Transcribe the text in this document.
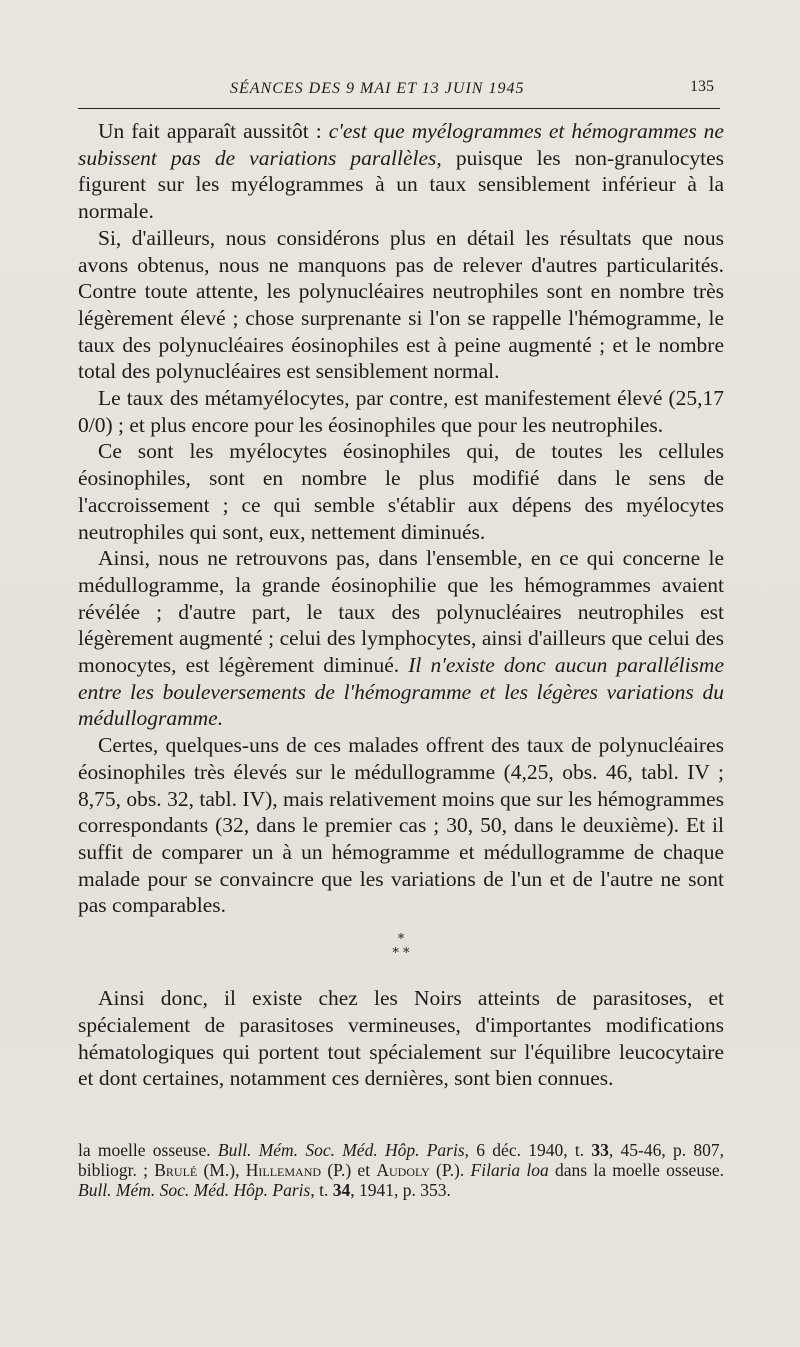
SÉANCES DES 9 MAI ET 13 JUIN 1945	135

Un fait apparaît aussitôt : c'est que myélogrammes et hémogrammes ne subissent pas de variations parallèles, puisque les non-granulocytes figurent sur les myélogrammes à un taux sensiblement inférieur à la normale.

Si, d'ailleurs, nous considérons plus en détail les résultats que nous avons obtenus, nous ne manquons pas de relever d'autres particularités. Contre toute attente, les polynucléaires neutrophiles sont en nombre très légèrement élevé ; chose surprenante si l'on se rappelle l'hémogramme, le taux des polynucléaires éosinophiles est à peine augmenté ; et le nombre total des polynucléaires est sensiblement normal.

Le taux des métamyélocytes, par contre, est manifestement élevé (25,17 0/0) ; et plus encore pour les éosinophiles que pour les neutrophiles.

Ce sont les myélocytes éosinophiles qui, de toutes les cellules éosinophiles, sont en nombre le plus modifié dans le sens de l'accroissement ; ce qui semble s'établir aux dépens des myélocytes neutrophiles qui sont, eux, nettement diminués.

Ainsi, nous ne retrouvons pas, dans l'ensemble, en ce qui concerne le médullogramme, la grande éosinophilie que les hémogrammes avaient révélée ; d'autre part, le taux des polynucléaires neutrophiles est légèrement augmenté ; celui des lymphocytes, ainsi d'ailleurs que celui des monocytes, est légèrement diminué. Il n'existe donc aucun parallélisme entre les bouleversements de l'hémogramme et les légères variations du médullogramme.

Certes, quelques-uns de ces malades offrent des taux de polynucléaires éosinophiles très élevés sur le médullogramme (4,25, obs. 46, tabl. IV ; 8,75, obs. 32, tabl. IV), mais relativement moins que sur les hémogrammes correspondants (32, dans le premier cas ; 30, 50, dans le deuxième). Et il suffit de comparer un à un hémogramme et médullogramme de chaque malade pour se convaincre que les variations de l'un et de l'autre ne sont pas comparables.

*
* *

Ainsi donc, il existe chez les Noirs atteints de parasitoses, et spécialement de parasitoses vermineuses, d'importantes modifications hématologiques qui portent tout spécialement sur l'équilibre leucocytaire et dont certaines, notamment ces dernières, sont bien connues.

la moelle osseuse. Bull. Mém. Soc. Méd. Hôp. Paris, 6 déc. 1940, t. 33, 45-46, p. 807, bibliogr. ; Brulé (M.), Hillemand (P.) et Audoly (P.). Filaria loa dans la moelle osseuse. Bull. Mém. Soc. Méd. Hôp. Paris, t. 34, 1941, p. 353.
